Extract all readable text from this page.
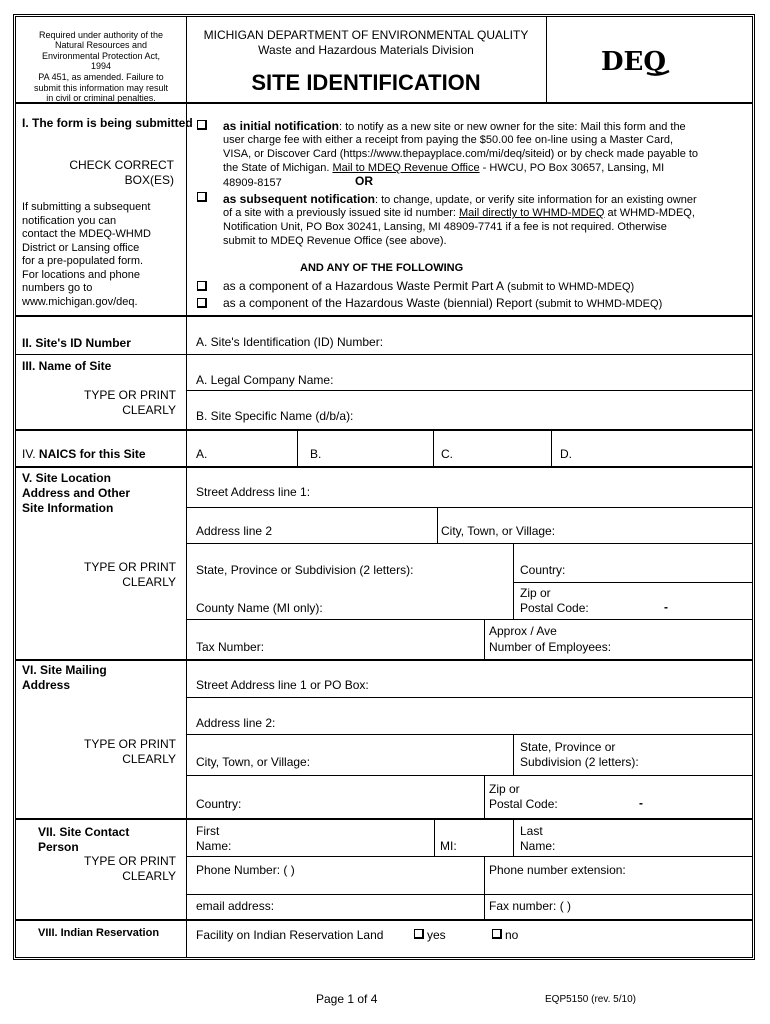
Required under authority of the
Natural Resources and
Environmental Protection Act,
1994
PA 451, as amended. Failure to
submit this information may result
in civil or criminal penalties.
MICHIGAN DEPARTMENT OF ENVIRONMENTAL QUALITY
Waste and Hazardous Materials Division
SITE IDENTIFICATION
DEQ
I. The form is being submitted
CHECK CORRECT
BOX(ES)
If submitting a subsequent
notification you can
contact the MDEQ-WHMD
District or Lansing office
for a pre-populated form.
For locations and phone
numbers go to
www.michigan.gov/deq.
as initial notification: to notify as a new site or new owner for the site: Mail this form and the
user charge fee with either a receipt from paying the $50.00 fee on-line using a Master Card,
VISA, or Discover Card (https://www.thepayplace.com/mi/deq/siteid) or by check made payable to
the State of Michigan. Mail to MDEQ Revenue Office - HWCU, PO Box 30657, Lansing, MI
48909-8157	OR
as subsequent notification: to change, update, or verify site information for an existing owner
of a site with a previously issued site id number: Mail directly to WHMD-MDEQ at WHMD-MDEQ,
Notification Unit, PO Box 30241, Lansing, MI 48909-7741 if a fee is not required. Otherwise
submit to MDEQ Revenue Office (see above).
AND ANY OF THE FOLLOWING
as a component of a Hazardous Waste Permit Part A (submit to WHMD-MDEQ)
as a component of the Hazardous Waste (biennial) Report (submit to WHMD-MDEQ)
II. Site's ID Number	A. Site's Identification (ID) Number:
III. Name of Site
TYPE OR PRINT
CLEARLY
A. Legal Company Name:
B. Site Specific Name (d/b/a):
IV. NAICS for this Site	A.	B.	C.	D.
V. Site Location
Address and Other
Site Information
TYPE OR PRINT
CLEARLY
Street Address line 1:
Address line 2	City, Town, or Village:
State, Province or Subdivision (2 letters):	Country:
County Name (MI only):
Zip or
Postal Code:	-
Tax Number:
Approx / Ave
Number of Employees:
VI. Site Mailing
Address
TYPE OR PRINT
CLEARLY
Street Address line 1 or PO Box:
Address line 2:
City, Town, or Village:
State, Province or
Subdivision (2 letters):
Country:
Zip or
Postal Code:	-
VII. Site Contact
Person
TYPE OR PRINT
CLEARLY
First
Name:	MI:
Last
Name:
Phone Number: ( )	Phone number extension:
email address:	Fax number: ( )
VIII. Indian Reservation	Facility on Indian Reservation Land	yes	no
Page 1 of 4	EQP5150 (rev. 5/10)
